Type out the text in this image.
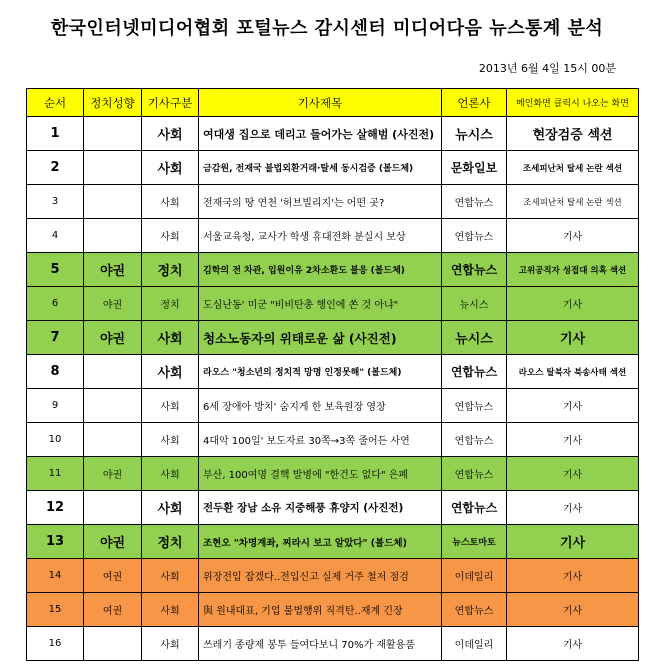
한국인터넷미디어협회 포털뉴스 감시센터 미디어다음 뉴스통계 분석
2013년 6월 4일 15시 00분
순서	정치성향	기사구분	기사제목	언론사	메인화면 클릭시 나오는 화면
1		사회	여대생 집으로 데리고 들어가는 살해범 (사진전)	뉴시스	현장검증 섹션
2		사회	금감원, 전재국 불법외환거래·탈세 동시검증 (볼드체)	문화일보	조세피난처 탈세 논란 섹션
3		사회	전재국의 땅 연천 '허브빌리지'는 어떤 곳?	연합뉴스	조세피난처 탈세 논란 섹션
4		사회	서울교육청, 교사가 학생 휴대전화 분실시 보상	연합뉴스	기사
5	야권	정치	김학의 전 차관, 입원이유 2차소환도 불응 (볼드체)	연합뉴스	고위공직자 성접대 의혹 섹션
6	야권	정치	도심난동' 미군 "비비탄총 행인에 쏜 것 아냐"	뉴시스	기사
7	야권	사회	청소노동자의 위태로운 삶 (사진전)	뉴시스	기사
8		사회	라오스 "청소년의 정치적 망명 인정못해" (볼드체)	연합뉴스	라오스 탈북자 북송사태 섹션
9		사회	6세 장애아 방치' 숨지게 한 보육원장 영장	연합뉴스	기사
10		사회	4대악 100일' 보도자료 30쪽→3쪽 줄어든 사연	연합뉴스	기사
11	야권	사회	부산, 100여명 결핵 발병에 "한건도 없다" 은폐	연합뉴스	기사
12		사회	전두환 장남 소유 지중해풍 휴양지 (사진전)	연합뉴스	기사
13	야권	정치	조현오 "차명계좌, 찌라시 보고 알았다" (볼드체)	뉴스토마토	기사
14	여권	사회	위장전입 잡겠다..전입신고 실제 거주 철저 점검	이데일리	기사
15	여권	사회	與 원내대표, 기업 불법행위 직격탄..재계 긴장	연합뉴스	기사
16		사회	쓰레기 종량제 봉투 들여다보니 70%가 재활용품	이데일리	기사
